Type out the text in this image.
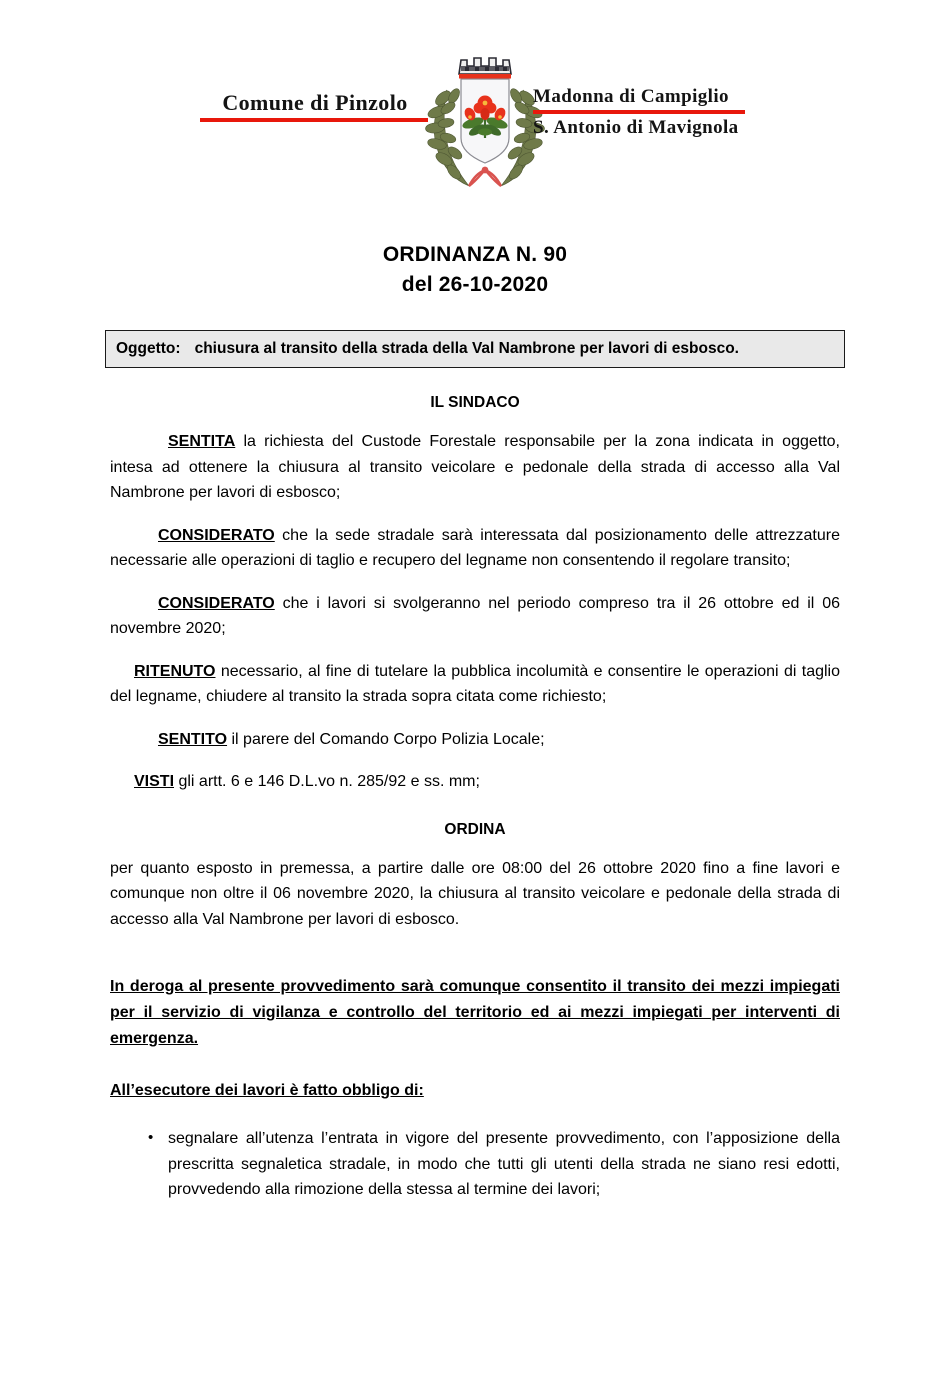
Comune di Pinzolo	Madonna di Campiglio
S. Antonio di Mavignola
ORDINANZA N. 90
del 26-10-2020
Oggetto: chiusura al transito della strada della Val Nambrone per lavori di esbosco.
IL SINDACO

SENTITA la richiesta del Custode Forestale responsabile per la zona indicata in oggetto, intesa ad ottenere la chiusura al transito veicolare e pedonale della strada di accesso alla Val Nambrone per lavori di esbosco;

CONSIDERATO che la sede stradale sarà interessata dal posizionamento delle attrezzature necessarie alle operazioni di taglio e recupero del legname non consentendo il regolare transito;

CONSIDERATO che i lavori si svolgeranno nel periodo compreso tra il 26 ottobre ed il 06 novembre 2020;

RITENUTO necessario, al fine di tutelare la pubblica incolumità e consentire le operazioni di taglio del legname, chiudere al transito la strada sopra citata come richiesto;

SENTITO il parere del Comando Corpo Polizia Locale;

VISTI gli artt. 6 e 146 D.L.vo n. 285/92 e ss. mm;

ORDINA

per quanto esposto in premessa, a partire dalle ore 08:00 del 26 ottobre 2020 fino a fine lavori e comunque non oltre il 06 novembre 2020, la chiusura al transito veicolare e pedonale della strada di accesso alla Val Nambrone per lavori di esbosco.

In deroga al presente provvedimento sarà comunque consentito il transito dei mezzi impiegati per il servizio di vigilanza e controllo del territorio ed ai mezzi impiegati per interventi di emergenza.

All’esecutore dei lavori è fatto obbligo di:

• segnalare all’utenza l’entrata in vigore del presente provvedimento, con l’apposizione della prescritta segnaletica stradale, in modo che tutti gli utenti della strada ne siano resi edotti, provvedendo alla rimozione della stessa al termine dei lavori;
